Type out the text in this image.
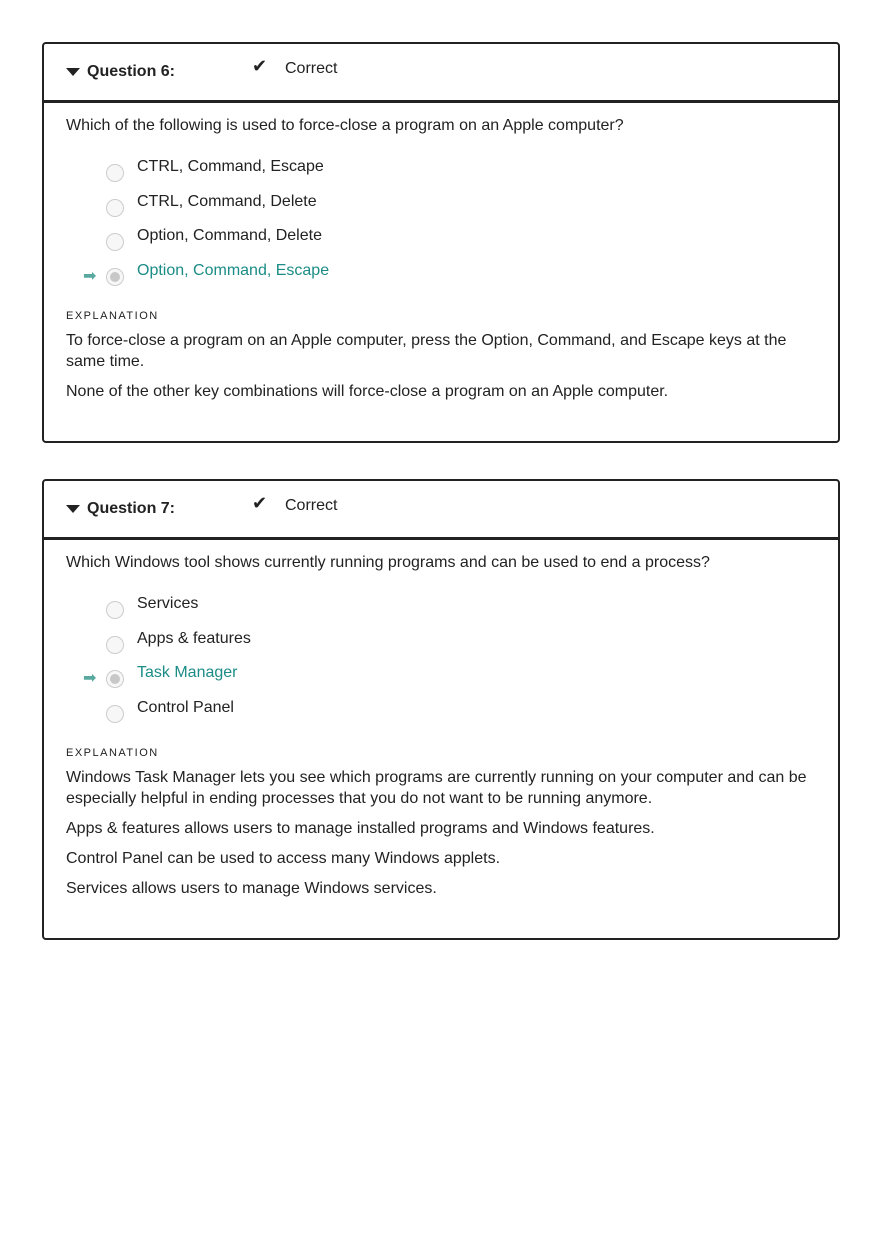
Question 6:	✔ Correct

Which of the following is used to force-close a program on an Apple computer?

CTRL, Command, Escape
CTRL, Command, Delete
Option, Command, Delete
➡	Option, Command, Escape
EXPLANATION

To force-close a program on an Apple computer, press the Option, Command, and Escape keys at the same time.

None of the other key combinations will force-close a program on an Apple computer.

Question 7:	✔ Correct

Which Windows tool shows currently running programs and can be used to end a process?

Services
Apps & features
➡	Task Manager
Control Panel
EXPLANATION

Windows Task Manager lets you see which programs are currently running on your computer and can be especially helpful in ending processes that you do not want to be running anymore.

Apps & features allows users to manage installed programs and Windows features.

Control Panel can be used to access many Windows applets.

Services allows users to manage Windows services.
